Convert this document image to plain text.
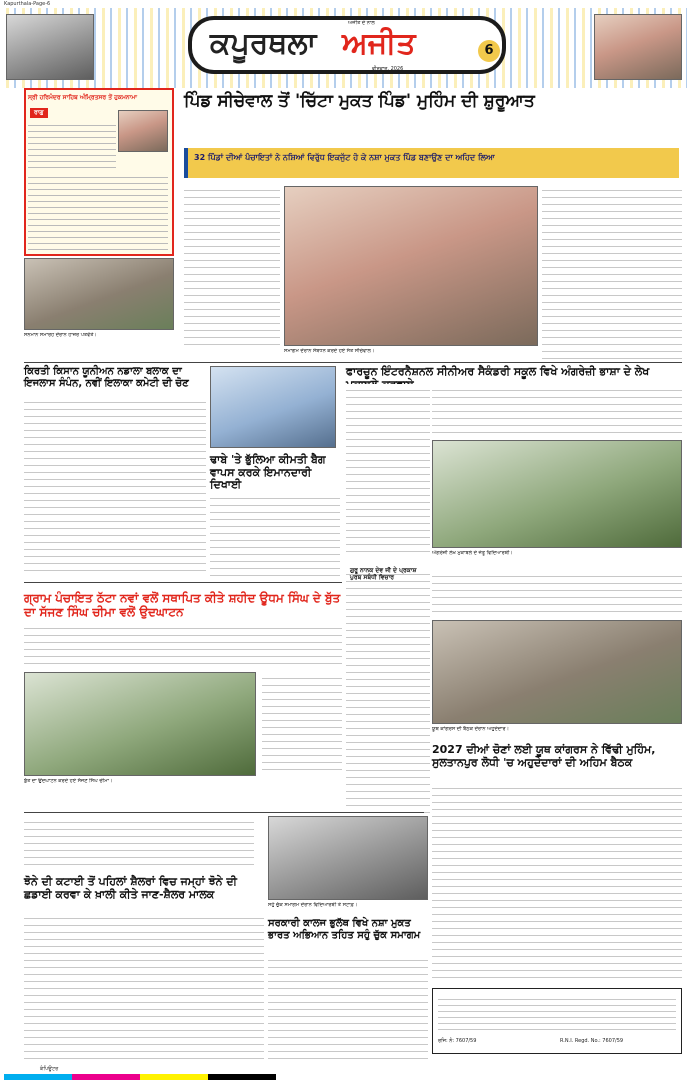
Kapurthala-Page-6
ਕਪੂਰਥਲਾ ਅਜੀਤ
ਅਜੀਤ ਦੇ ਨਾਲ
ਵੀਰਵਾਰ, 2026
6
ਸ੍ਰੀ ਹਰਿਮੰਦਰ ਸਾਹਿਬ ਅੰਮ੍ਰਿਤਸਰ ਤੋਂ ਹੁਕਮਨਾਮਾ
ਰਾਗੁ
ਪਿੰਡ ਸੀਚੇਵਾਲ ਤੋਂ 'ਚਿੱਟਾ ਮੁਕਤ ਪਿੰਡ' ਮੁਹਿੰਮ ਦੀ ਸ਼ੁਰੂਆਤ
32 ਪਿੰਡਾਂ ਦੀਆਂ ਪੰਚਾਇਤਾਂ ਨੇ ਨਸ਼ਿਆਂ ਵਿਰੁੱਧ ਇਕਜੁੱਟ ਹੋ ਕੇ ਨਸ਼ਾ ਮੁਕਤ ਪਿੰਡ ਬਣਾਉਣ ਦਾ ਅਹਿਦ ਲਿਆ
ਸਨਮਾਨ ਸਮਾਰੋਹ ਦੌਰਾਨ ਹਾਜ਼ਰ ਪਤਵੰਤੇ।
ਸਮਾਗਮ ਦੌਰਾਨ ਸੰਬੋਧਨ ਕਰਦੇ ਹੋਏ ਸੰਤ ਸੀਚੇਵਾਲ।
ਕਿਰਤੀ ਕਿਸਾਨ ਯੂਨੀਅਨ ਨਡਾਲਾ ਬਲਾਕ ਦਾ ਇਜਲਾਸ ਸੰਪੰਨ, ਨਵੀਂ ਇਲਾਕਾ ਕਮੇਟੀ ਦੀ ਚੋਣ
ਢਾਬੇ 'ਤੇ ਭੁੱਲਿਆ ਕੀਮਤੀ ਬੈਗ ਵਾਪਸ ਕਰਕੇ ਇਮਾਨਦਾਰੀ ਦਿਖਾਈ
ਫਾਰਚੂਨ ਇੰਟਰਨੈਸ਼ਨਲ ਸੀਨੀਅਰ ਸੈਕੰਡਰੀ ਸਕੂਲ ਵਿਖੇ ਅੰਗਰੇਜ਼ੀ ਭਾਸ਼ਾ ਦੇ ਲੇਖ
ਅੰਗਰੇਜ਼ੀ ਲੇਖ ਮੁਕਾਬਲੇ ਦੇ ਜੇਤੂ ਵਿਦਿਆਰਥੀ।
ਗ੍ਰਾਮ ਪੰਚਾਇਤ ਠੱਟਾ ਨਵਾਂ ਵਲੋਂ ਸਥਾਪਿਤ ਕੀਤੇ ਸ਼ਹੀਦ ਊਧਮ ਸਿੰਘ ਦੇ ਬੁੱਤ ਦਾ ਸੱਜਣ ਸਿੰਘ ਚੀਮਾ ਵਲੋਂ ਉਦਘਾਟਨ
ਬੁੱਤ ਦਾ ਉਦਘਾਟਨ ਕਰਦੇ ਹੋਏ ਸੱਜਣ ਸਿੰਘ ਚੀਮਾ।
ਗੁਰੂ ਨਾਨਕ ਦੇਵ ਜੀ ਦੇ ਪ੍ਰਕਾਸ਼ ਪੁਰਬ ਸਬੰਧੀ ਵਿਚਾਰ
ਯੂਥ ਕਾਂਗਰਸ ਦੀ ਬੈਠਕ ਦੌਰਾਨ ਅਹੁਦੇਦਾਰ।
2027 ਦੀਆਂ ਚੋਣਾਂ ਲਈ ਯੂਥ ਕਾਂਗਰਸ ਨੇ ਵਿੱਢੀ ਮੁਹਿੰਮ, ਸੁਲਤਾਨਪੁਰ ਲੋਧੀ 'ਚ ਅਹੁਦੇਦਾਰਾਂ ਦੀ ਅਹਿਮ ਬੈਠਕ
ਝੋਨੇ ਦੀ ਕਟਾਈ ਤੋਂ ਪਹਿਲਾਂ ਸ਼ੈਲਰਾਂ ਵਿਚ ਜਮ੍ਹਾਂ ਝੋਨੇ ਦੀ ਛਡਾਈ ਕਰਵਾ ਕੇ ਖ਼ਾਲੀ ਕੀਤੇ ਜਾਣ-ਸ਼ੈਲਰ ਮਾਲਕ
ਸਹੁੰ ਚੁੱਕ ਸਮਾਗਮ ਦੌਰਾਨ ਵਿਦਿਆਰਥੀ ਤੇ ਸਟਾਫ਼।
ਸਰਕਾਰੀ ਕਾਲਜ ਭੁਲੱਥ ਵਿਖੇ ਨਸ਼ਾ ਮੁਕਤ ਭਾਰਤ ਅਭਿਆਨ ਤਹਿਤ ਸਹੁੰ ਚੁੱਕ ਸਮਾਗਮ
ਰਜਿ: ਨੰ: 7607/59	R.N.I. Regd. No.: 7607/59
ਕੰਪਿਊਟਰ
